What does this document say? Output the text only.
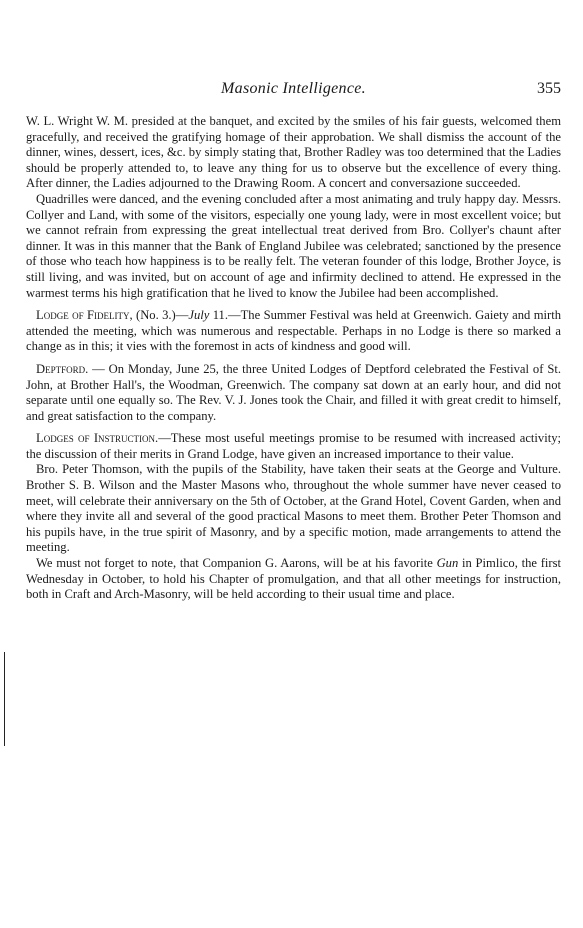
Masonic Intelligence.	355

W. L. Wright W. M. presided at the banquet, and excited by the smiles of his fair guests, welcomed them gracefully, and received the gratifying homage of their approbation. We shall dismiss the account of the dinner, wines, dessert, ices, &c. by simply stating that, Brother Radley was too determined that the Ladies should be properly attended to, to leave any thing for us to observe but the excellence of every thing. After dinner, the Ladies adjourned to the Drawing Room. A concert and conversazione succeeded.

Quadrilles were danced, and the evening concluded after a most animating and truly happy day. Messrs. Collyer and Land, with some of the visitors, especially one young lady, were in most excellent voice; but we cannot refrain from expressing the great intellectual treat derived from Bro. Collyer's chaunt after dinner. It was in this manner that the Bank of England Jubilee was celebrated; sanctioned by the presence of those who teach how happiness is to be really felt. The veteran founder of this lodge, Brother Joyce, is still living, and was invited, but on account of age and infirmity declined to attend. He expressed in the warmest terms his high gratification that he lived to know the Jubilee had been accomplished.

Lodge of Fidelity, (No. 3.)—July 11.—The Summer Festival was held at Greenwich. Gaiety and mirth attended the meeting, which was numerous and respectable. Perhaps in no Lodge is there so marked a change as in this; it vies with the foremost in acts of kindness and good will.

Deptford. — On Monday, June 25, the three United Lodges of Deptford celebrated the Festival of St. John, at Brother Hall's, the Woodman, Greenwich. The company sat down at an early hour, and did not separate until one equally so. The Rev. V. J. Jones took the Chair, and filled it with great credit to himself, and great satisfaction to the company.

Lodges of Instruction.—These most useful meetings promise to be resumed with increased activity; the discussion of their merits in Grand Lodge, have given an increased importance to their value.

Bro. Peter Thomson, with the pupils of the Stability, have taken their seats at the George and Vulture. Brother S. B. Wilson and the Master Masons who, throughout the whole summer have never ceased to meet, will celebrate their anniversary on the 5th of October, at the Grand Hotel, Covent Garden, when and where they invite all and several of the good practical Masons to meet them. Brother Peter Thomson and his pupils have, in the true spirit of Masonry, and by a specific motion, made arrangements to attend the meeting.

We must not forget to note, that Companion G. Aarons, will be at his favorite Gun in Pimlico, the first Wednesday in October, to hold his Chapter of promulgation, and that all other meetings for instruction, both in Craft and Arch-Masonry, will be held according to their usual time and place.
